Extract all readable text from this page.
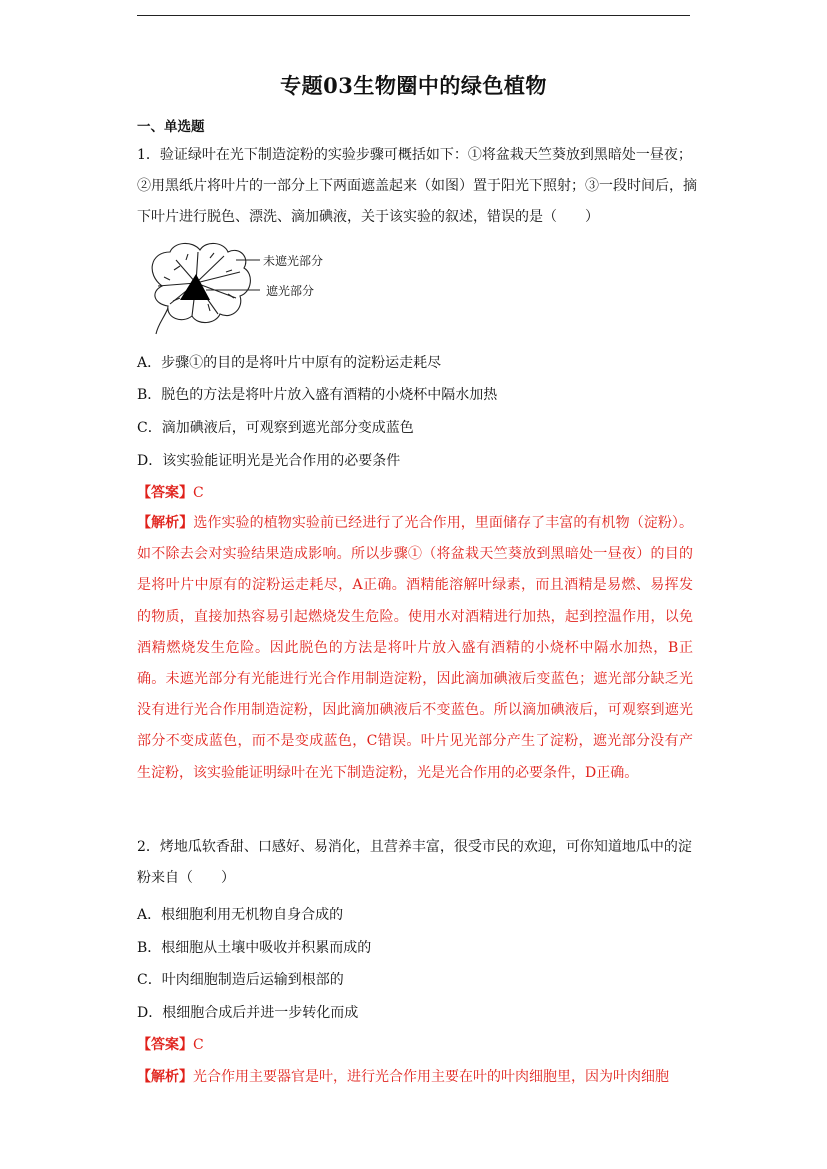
专题03生物圈中的绿色植物
一、单选题

1．验证绿叶在光下制造淀粉的实验步骤可概括如下：①将盆栽天竺葵放到黑暗处一昼夜；②用黑纸片将叶片的一部分上下两面遮盖起来（如图）置于阳光下照射；③一段时间后，摘下叶片进行脱色、漂洗、滴加碘液，关于该实验的叙述，错误的是（　　）

未遮光部分
遮光部分
A．步骤①的目的是将叶片中原有的淀粉运走耗尽
B．脱色的方法是将叶片放入盛有酒精的小烧杯中隔水加热
C．滴加碘液后，可观察到遮光部分变成蓝色
D．该实验能证明光是光合作用的必要条件
【答案】C

【解析】选作实验的植物实验前已经进行了光合作用，里面储存了丰富的有机物（淀粉）。如不除去会对实验结果造成影响。所以步骤①（将盆栽天竺葵放到黑暗处一昼夜）的目的是将叶片中原有的淀粉运走耗尽，A正确。酒精能溶解叶绿素，而且酒精是易燃、易挥发的物质，直接加热容易引起燃烧发生危险。使用水对酒精进行加热，起到控温作用，以免酒精燃烧发生危险。因此脱色的方法是将叶片放入盛有酒精的小烧杯中隔水加热，B正确。未遮光部分有光能进行光合作用制造淀粉，因此滴加碘液后变蓝色；遮光部分缺乏光没有进行光合作用制造淀粉，因此滴加碘液后不变蓝色。所以滴加碘液后，可观察到遮光部分不变成蓝色，而不是变成蓝色，C错误。叶片见光部分产生了淀粉，遮光部分没有产生淀粉，该实验能证明绿叶在光下制造淀粉，光是光合作用的必要条件，D正确。

2．烤地瓜软香甜、口感好、易消化，且营养丰富，很受市民的欢迎，可你知道地瓜中的淀粉来自（　　）

A．根细胞利用无机物自身合成的
B．根细胞从土壤中吸收并积累而成的
C．叶肉细胞制造后运输到根部的
D．根细胞合成后并进一步转化而成
【答案】C
【解析】光合作用主要器官是叶，进行光合作用主要在叶的叶肉细胞里，因为叶肉细胞
